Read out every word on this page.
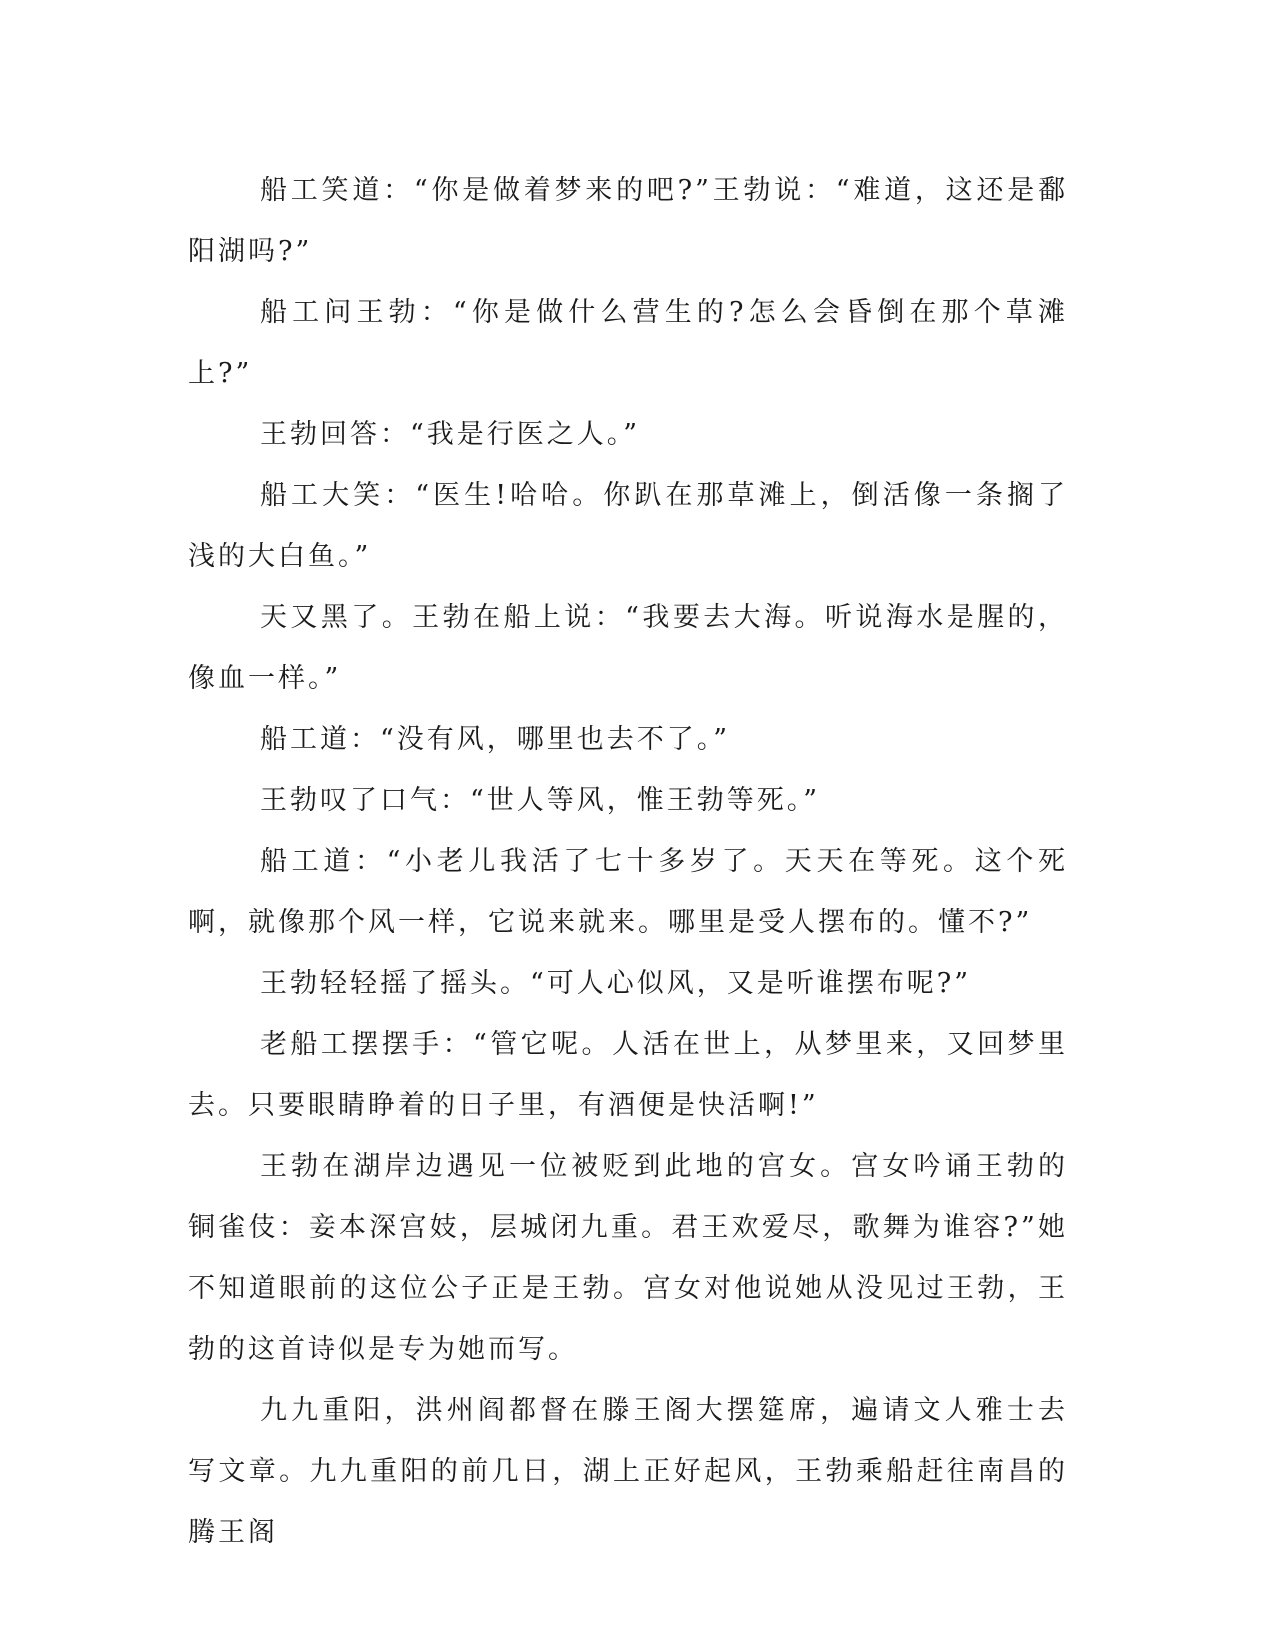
船工笑道：“你是做着梦来的吧?”王勃说：“难道，这还是鄱阳湖吗?”

船工问王勃：“你是做什么营生的?怎么会昏倒在那个草滩上?”

王勃回答：“我是行医之人。”

船工大笑：“医生!哈哈。你趴在那草滩上，倒活像一条搁了浅的大白鱼。”

天又黑了。王勃在船上说：“我要去大海。听说海水是腥的，像血一样。”

船工道：“没有风，哪里也去不了。”

王勃叹了口气：“世人等风，惟王勃等死。”

船工道：“小老儿我活了七十多岁了。天天在等死。这个死啊，就像那个风一样，它说来就来。哪里是受人摆布的。懂不?”

王勃轻轻摇了摇头。“可人心似风，又是听谁摆布呢?”

老船工摆摆手：“管它呢。人活在世上，从梦里来，又回梦里去。只要眼睛睁着的日子里，有酒便是快活啊!”

王勃在湖岸边遇见一位被贬到此地的宫女。宫女吟诵王勃的铜雀伎：妾本深宫妓，层城闭九重。君王欢爱尽，歌舞为谁容?”她不知道眼前的这位公子正是王勃。宫女对他说她从没见过王勃，王勃的这首诗似是专为她而写。

九九重阳，洪州阎都督在滕王阁大摆筵席，遍请文人雅士去写文章。九九重阳的前几日，湖上正好起风，王勃乘船赶往南昌的腾王阁
